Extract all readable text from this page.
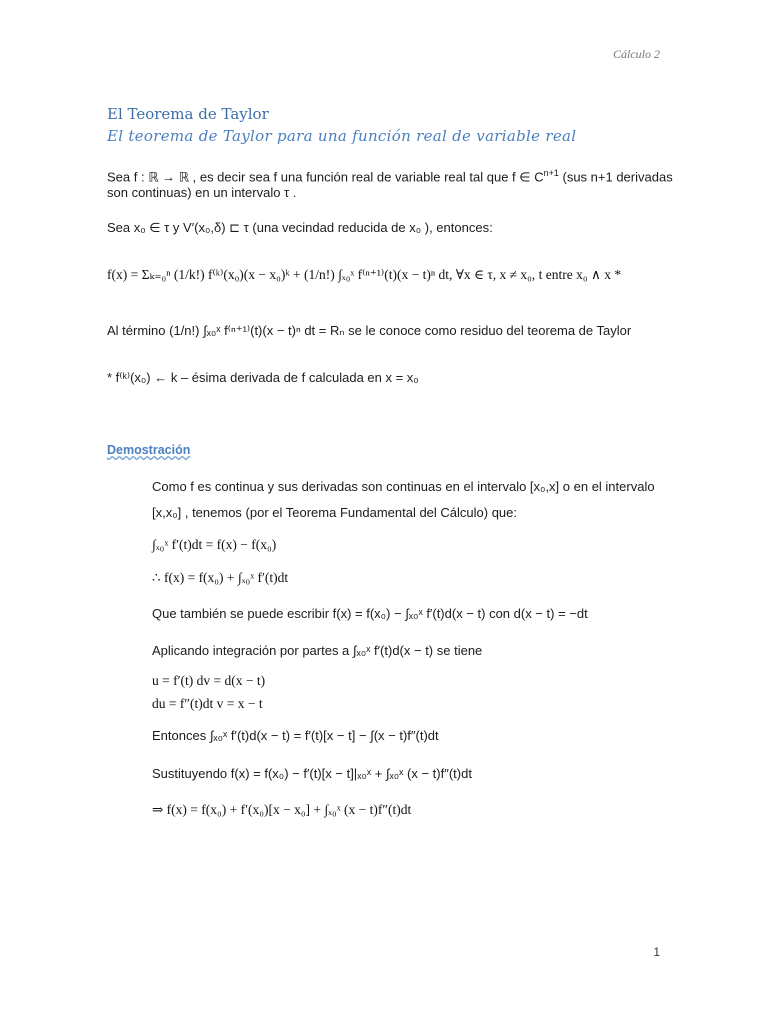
Cálculo 2
El Teorema de Taylor
El teorema de Taylor para una función real de variable real
Sea f : ℝ → ℝ , es decir sea f una función real de variable real tal que f ∈ $C^{n+1}$ (sus n+1 derivadas
son continuas) en un intervalo τ .
Sea x₀ ∈ τ y V′(x₀,δ) ⊏ τ (una vecindad reducida de x₀ ), entonces:
f(x) = Σₖ₌₀ⁿ (1/k!) f⁽ᵏ⁾(x₀)(x − x₀)ᵏ + (1/n!) ∫ₓ₀ˣ f⁽ⁿ⁺¹⁾(t)(x − t)ⁿ dt, ∀x ∈ τ, x ≠ x₀, t entre x₀ ∧ x *
Al término (1/n!) ∫ₓ₀ˣ f⁽ⁿ⁺¹⁾(t)(x − t)ⁿ dt = Rₙ se le conoce como residuo del teorema de Taylor
* f⁽ᵏ⁾(x₀) ← k – ésima derivada de f calculada en x = x₀
Demostración
Como f es continua y sus derivadas son continuas en el intervalo [x₀,x] o en el intervalo
[x,x₀] , tenemos (por el Teorema Fundamental del Cálculo) que:
∫ₓ₀ˣ f′(t)dt = f(x) − f(x₀)
∴ f(x) = f(x₀) + ∫ₓ₀ˣ f′(t)dt
Que también se puede escribir f(x) = f(x₀) − ∫ₓ₀ˣ f′(t)d(x − t) con d(x − t) = −dt
Aplicando integración por partes a ∫ₓ₀ˣ f′(t)d(x − t) se tiene
u = f′(t) dv = d(x − t)
du = f″(t)dt v = x − t
Entonces ∫ₓ₀ˣ f′(t)d(x − t) = f′(t)[x − t] − ∫(x − t)f″(t)dt
Sustituyendo f(x) = f(x₀) − f′(t)[x − t]|ₓ₀ˣ + ∫ₓ₀ˣ (x − t)f″(t)dt
⇒ f(x) = f(x₀) + f′(x₀)[x − x₀] + ∫ₓ₀ˣ (x − t)f″(t)dt
1
